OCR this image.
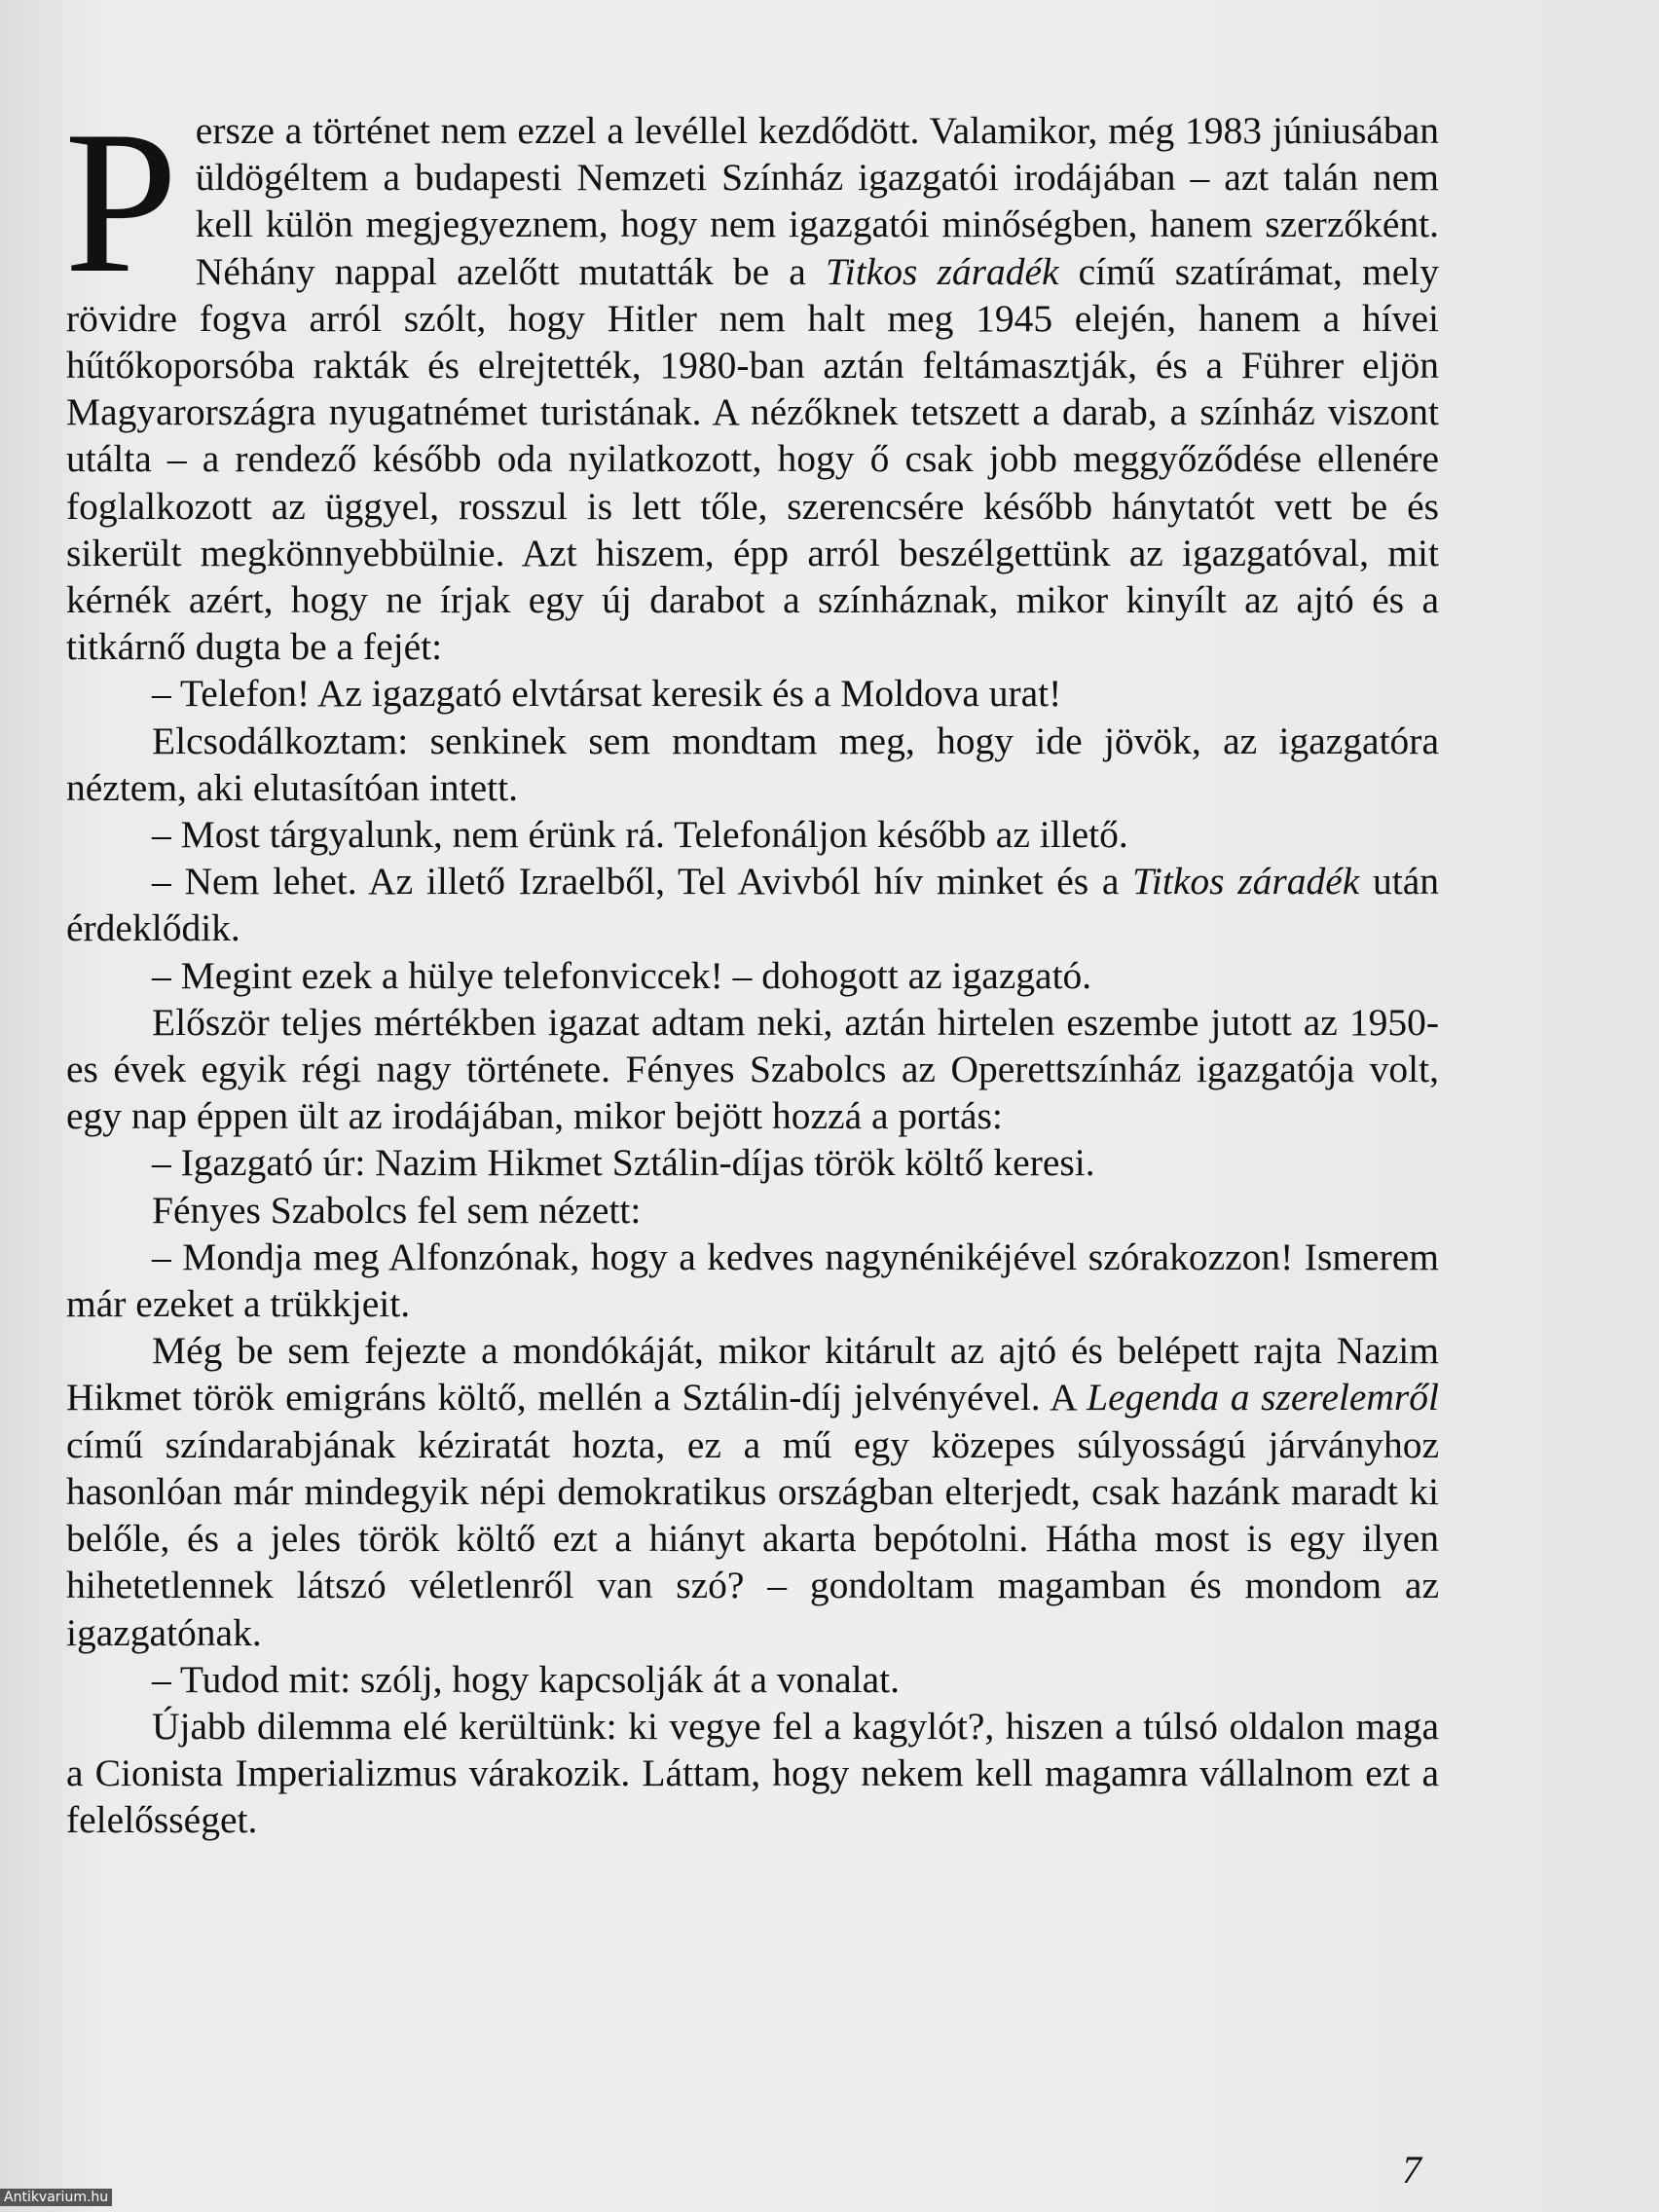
Persze a történet nem ezzel a levéllel kezdődött. Valamikor, még 1983 júniusában üldögéltem a budapesti Nemzeti Színház igazgatói irodájában – azt talán nem kell külön megjegyeznem, hogy nem igazgatói minőségben, hanem szerzőként. Néhány nappal azelőtt mutatták be a Titkos záradék című szatírámat, mely rövidre fogva arról szólt, hogy Hitler nem halt meg 1945 elején, hanem a hívei hűtőkoporsóba rakták és elrejtették, 1980-ban aztán feltámasztják, és a Führer eljön Magyarországra nyugatnémet turistának. A nézőknek tetszett a darab, a színház viszont utálta – a rendező később oda nyilatkozott, hogy ő csak jobb meggyőződése ellenére foglalkozott az üggyel, rosszul is lett tőle, szerencsére később hánytatót vett be és sikerült megkönnyebbülnie. Azt hiszem, épp arról beszélgettünk az igazgatóval, mit kérnék azért, hogy ne írjak egy új darabot a színháznak, mikor kinyílt az ajtó és a titkárnő dugta be a fejét:

– Telefon! Az igazgató elvtársat keresik és a Moldova urat!

Elcsodálkoztam: senkinek sem mondtam meg, hogy ide jövök, az igazgatóra néztem, aki elutasítóan intett.

– Most tárgyalunk, nem érünk rá. Telefonáljon később az illető.

– Nem lehet. Az illető Izraelből, Tel Avivból hív minket és a Titkos záradék után érdeklődik.

– Megint ezek a hülye telefonviccek! – dohogott az igazgató.

Először teljes mértékben igazat adtam neki, aztán hirtelen eszembe jutott az 1950-es évek egyik régi nagy története. Fényes Szabolcs az Operettszínház igazgatója volt, egy nap éppen ült az irodájában, mikor bejött hozzá a portás:

– Igazgató úr: Nazim Hikmet Sztálin-díjas török költő keresi.

Fényes Szabolcs fel sem nézett:

– Mondja meg Alfonzónak, hogy a kedves nagynénikéjével szórakozzon! Ismerem már ezeket a trükkjeit.

Még be sem fejezte a mondókáját, mikor kitárult az ajtó és belépett rajta Nazim Hikmet török emigráns költő, mellén a Sztálin-díj jelvényével. A Legenda a szerelemről című színdarabjának kéziratát hozta, ez a mű egy közepes súlyosságú járványhoz hasonlóan már mindegyik népi demokratikus országban elterjedt, csak hazánk maradt ki belőle, és a jeles török költő ezt a hiányt akarta bepótolni. Hátha most is egy ilyen hihetetlennek látszó véletlenről van szó? – gondoltam magamban és mondom az igazgatónak.

– Tudod mit: szólj, hogy kapcsolják át a vonalat.

Újabb dilemma elé kerültünk: ki vegye fel a kagylót?, hiszen a túlsó oldalon maga a Cionista Imperializmus várakozik. Láttam, hogy nekem kell magamra vállalnom ezt a felelősséget.

7
Antikvarium.hu
